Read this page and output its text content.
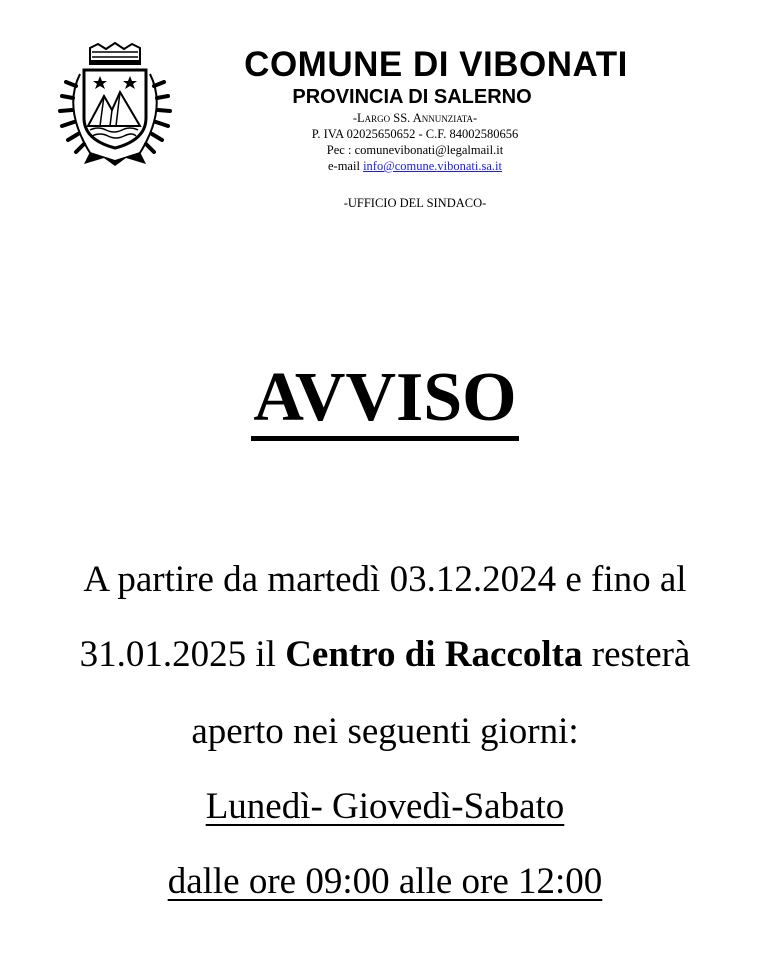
COMUNE DI VIBONATI
PROVINCIA DI SALERNO
-Largo SS. Annunziata-
P. IVA 02025650652 - C.F. 84002580656
Pec : comunevibonati@legalmail.it
e-mail info@comune.vibonati.sa.it
-UFFICIO DEL SINDACO-
AVVISO
A partire da martedì 03.12.2024 e fino al
31.01.2025 il Centro di Raccolta resterà
aperto nei seguenti giorni:
Lunedì- Giovedì-Sabato
dalle ore 09:00 alle ore 12:00
